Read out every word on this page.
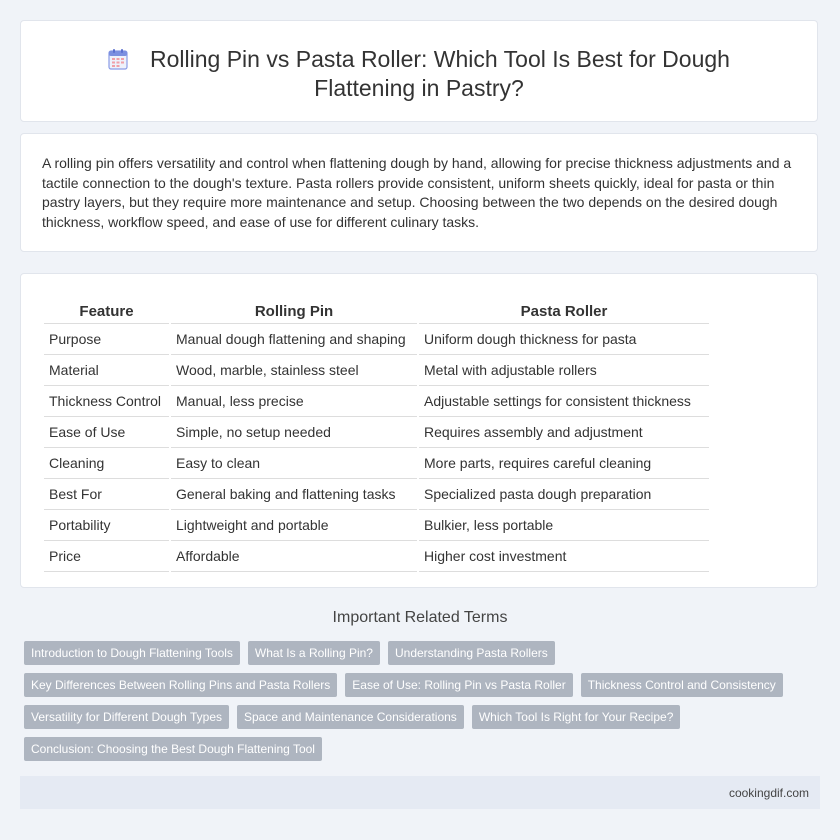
Rolling Pin vs Pasta Roller: Which Tool Is Best for Dough Flattening in Pastry?

A rolling pin offers versatility and control when flattening dough by hand, allowing for precise thickness adjustments and a tactile connection to the dough's texture. Pasta rollers provide consistent, uniform sheets quickly, ideal for pasta or thin pastry layers, but they require more maintenance and setup. Choosing between the two depends on the desired dough thickness, workflow speed, and ease of use for different culinary tasks.

Feature	Rolling Pin	Pasta Roller
Purpose	Manual dough flattening and shaping	Uniform dough thickness for pasta
Material	Wood, marble, stainless steel	Metal with adjustable rollers
Thickness Control	Manual, less precise	Adjustable settings for consistent thickness
Ease of Use	Simple, no setup needed	Requires assembly and adjustment
Cleaning	Easy to clean	More parts, requires careful cleaning
Best For	General baking and flattening tasks	Specialized pasta dough preparation
Portability	Lightweight and portable	Bulkier, less portable
Price	Affordable	Higher cost investment
Important Related Terms
Introduction to Dough Flattening Tools	What Is a Rolling Pin?	Understanding Pasta Rollers
Key Differences Between Rolling Pins and Pasta Rollers	Ease of Use: Rolling Pin vs Pasta Roller	Thickness Control and Consistency
Versatility for Different Dough Types	Space and Maintenance Considerations	Which Tool Is Right for Your Recipe?
Conclusion: Choosing the Best Dough Flattening Tool
cookingdif.com
